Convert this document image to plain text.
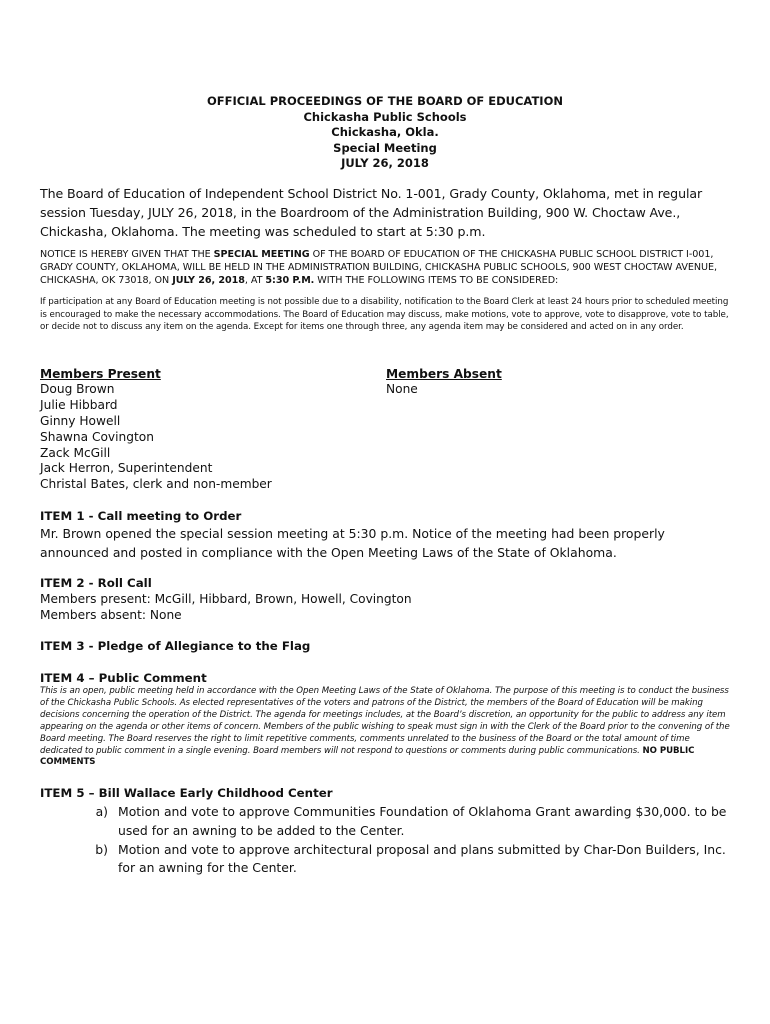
OFFICIAL PROCEEDINGS OF THE BOARD OF EDUCATION
Chickasha Public Schools
Chickasha, Okla.
Special Meeting
JULY 26, 2018
The Board of Education of Independent School District No. 1-001, Grady County, Oklahoma, met in regular session Tuesday, JULY 26, 2018, in the Boardroom of the Administration Building, 900 W. Choctaw Ave., Chickasha, Oklahoma. The meeting was scheduled to start at 5:30 p.m.
NOTICE IS HEREBY GIVEN THAT THE SPECIAL MEETING OF THE BOARD OF EDUCATION OF THE CHICKASHA PUBLIC SCHOOL DISTRICT I-001, GRADY COUNTY, OKLAHOMA, WILL BE HELD IN THE ADMINISTRATION BUILDING, CHICKASHA PUBLIC SCHOOLS, 900 WEST CHOCTAW AVENUE, CHICKASHA, OK 73018, ON JULY 26, 2018, AT 5:30 P.M. WITH THE FOLLOWING ITEMS TO BE CONSIDERED:
If participation at any Board of Education meeting is not possible due to a disability, notification to the Board Clerk at least 24 hours prior to scheduled meeting is encouraged to make the necessary accommodations. The Board of Education may discuss, make motions, vote to approve, vote to disapprove, vote to table, or decide not to discuss any item on the agenda. Except for items one through three, any agenda item may be considered and acted on in any order.
Members Present
Doug Brown
Julie Hibbard
Ginny Howell
Shawna Covington
Zack McGill
Jack Herron, Superintendent
Christal Bates, clerk and non-member
Members Absent
None
ITEM 1 - Call meeting to Order
Mr. Brown opened the special session meeting at 5:30 p.m. Notice of the meeting had been properly announced and posted in compliance with the Open Meeting Laws of the State of Oklahoma.
ITEM 2 - Roll Call
Members present: McGill, Hibbard, Brown, Howell, Covington
Members absent: None
ITEM 3 - Pledge of Allegiance to the Flag
ITEM 4 – Public Comment
This is an open, public meeting held in accordance with the Open Meeting Laws of the State of Oklahoma. The purpose of this meeting is to conduct the business of the Chickasha Public Schools. As elected representatives of the voters and patrons of the District, the members of the Board of Education will be making decisions concerning the operation of the District. The agenda for meetings includes, at the Board’s discretion, an opportunity for the public to address any item appearing on the agenda or other items of concern. Members of the public wishing to speak must sign in with the Clerk of the Board prior to the convening of the Board meeting. The Board reserves the right to limit repetitive comments, comments unrelated to the business of the Board or the total amount of time dedicated to public comment in a single evening. Board members will not respond to questions or comments during public communications. NO PUBLIC COMMENTS
ITEM 5 – Bill Wallace Early Childhood Center
a) Motion and vote to approve Communities Foundation of Oklahoma Grant awarding $30,000. to be used for an awning to be added to the Center.
b) Motion and vote to approve architectural proposal and plans submitted by Char-Don Builders, Inc. for an awning for the Center.
